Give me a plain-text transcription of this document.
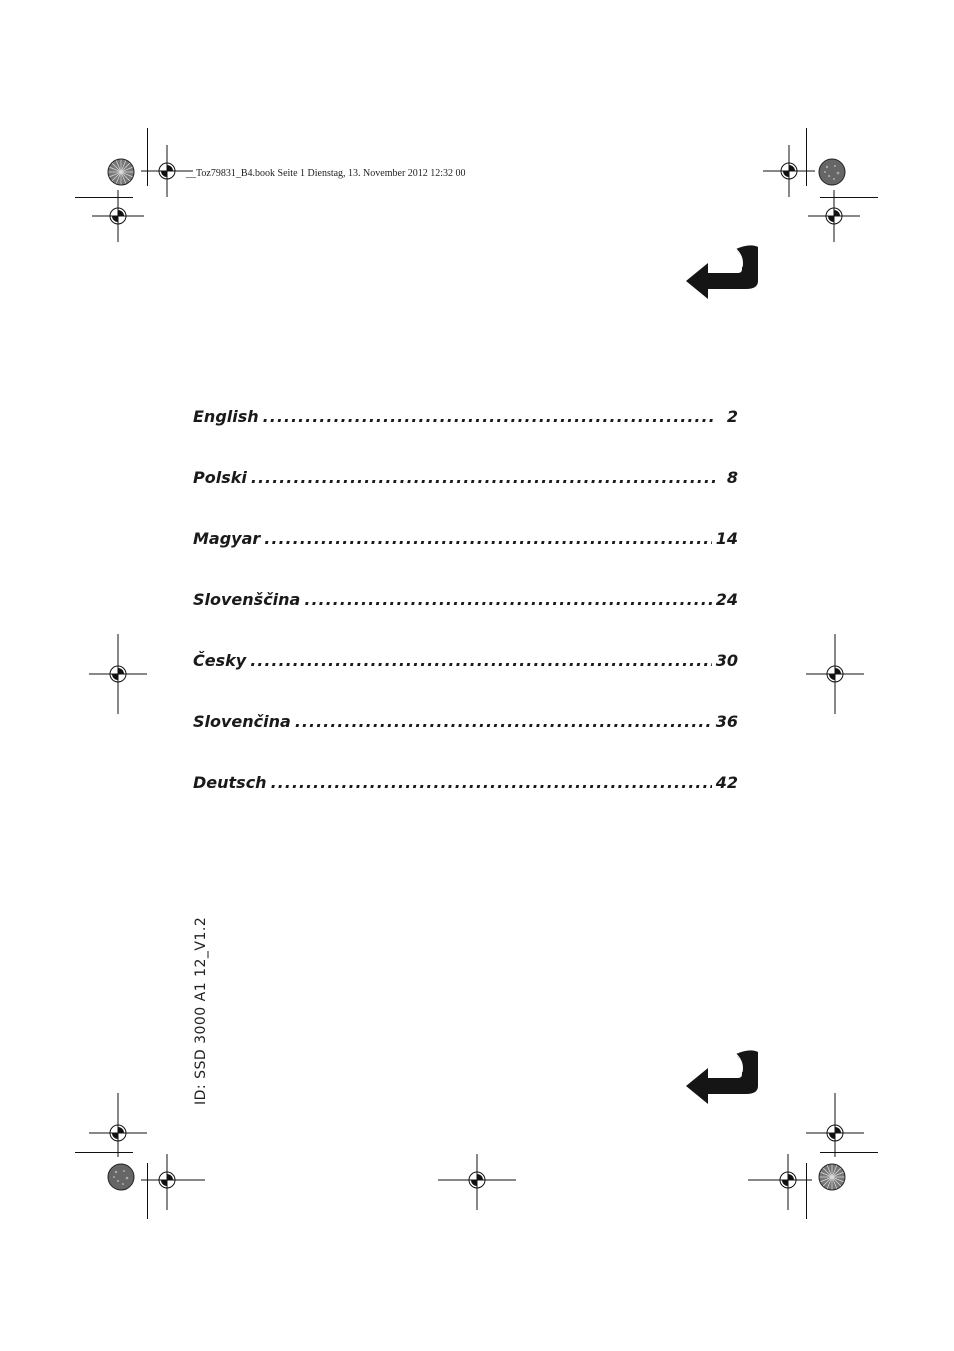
__Toz79831_B4.book Seite 1 Dienstag, 13. November 2012 12:32 00
English .....	2
Polski .....	8
Magyar .....	14
Slovenščina .....	24
Česky .....	30
Slovenčina .....	36
Deutsch .....	42
ID: SSD 3000 A1 12_V1.2
